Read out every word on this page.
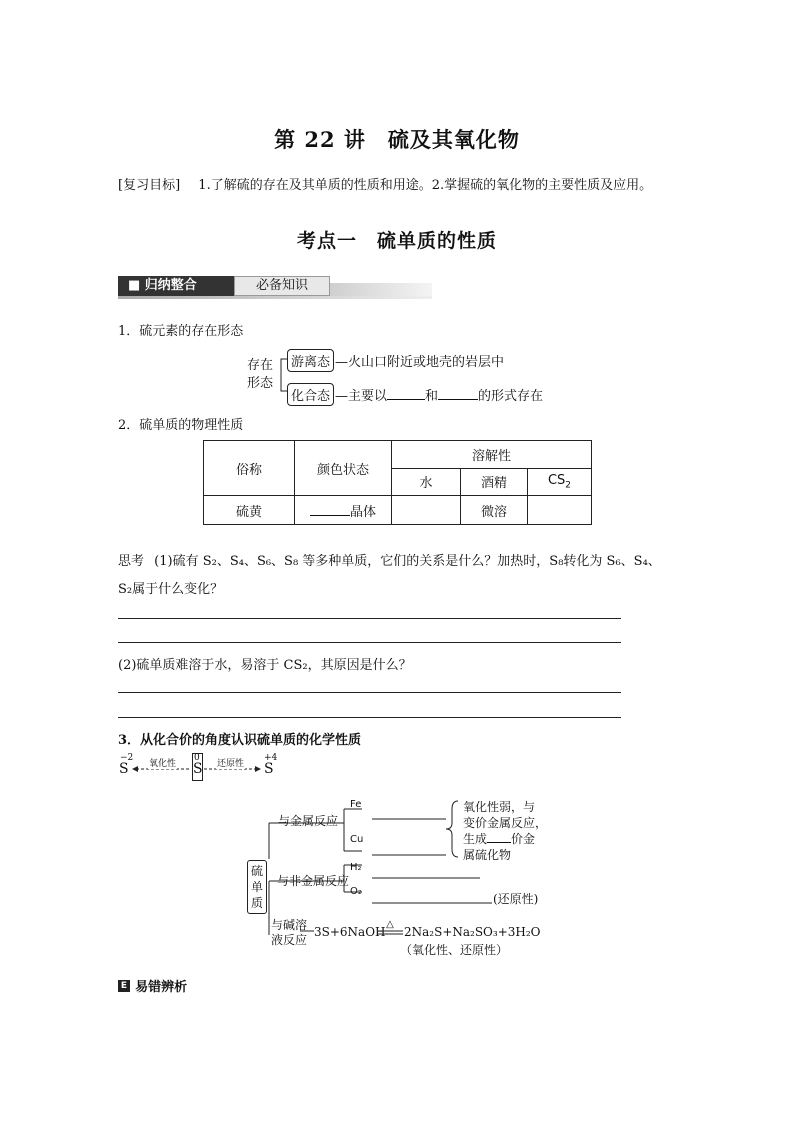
第 22 讲　硫及其氧化物
[复习目标] 1.了解硫的存在及其单质的性质和用途。2.掌握硫的氧化物的主要性质及应用。
考点一　硫单质的性质
■ 归纳整合	必备知识
1．硫元素的存在形态
存在
形态
游离态 —火山口附近或地壳的岩层中
化合态 —主要以	和	的形式存在
2．硫单质的物理性质
俗称	颜色状态	溶解性		
		水	酒精	$CS_2$
硫黄	晶体		微溶	
思考 (1)硫有 S₂、S₄、S₆、S₈ 等多种单质，它们的关系是什么？加热时，S₈转化为 S₆、S₄、
S₂属于什么变化？
(2)硫单质难溶于水，易溶于 CS₂，其原因是什么？
3．从化合价的角度认识硫单质的化学性质
−2
S 氧化性
0
S 还原性
+4
S
硫单质
与金属反应
Fe
Cu
氧化性弱，与
变价金属反应，
生成 价金
属硫化物
与非金属反应
H₂
O₂
(还原性)
与碱溶
液反应
3S+6NaOH
△
2Na₂S+Na₂SO₃+3H₂O
（氧化性、还原性）
E 易错辨析
